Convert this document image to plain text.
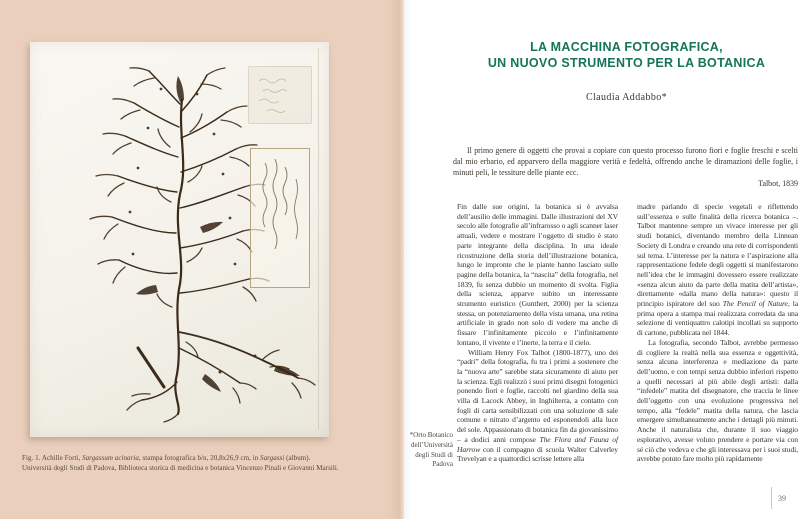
Fig. 1. Achille Forti, Sargassum acinaria, stampa fotografica b/n, 20,8x26,9 cm, in Sargassi (album).
Università degli Studi di Padova, Biblioteca storica di medicina e botanica Vincenzo Pinali e Giovanni Marsili.

LA MACCHINA FOTOGRAFICA,
UN NUOVO STRUMENTO PER LA BOTANICA
Claudia Addabbo*

Il primo genere di oggetti che provai a copiare con questo processo furono fiori e foglie freschi e scelti dal mio erbario, ed apparvero della maggiore verità e fedeltà, offrendo anche le diramazioni delle foglie, i minuti peli, le tessiture delle piante ecc.

Talbot, 1839
*Orto Botanico dell’Università degli Studi di Padova

Fin dalle sue origini, la botanica si è avvalsa dell’ausilio delle immagini. Dalle illustrazioni del XV secolo alle fotografie all’infrarosso o agli scanner laser attuali, vedere e mostrare l’oggetto di studio è stato parte integrante della disciplina. In una ideale ricostruzione della storia dell’illustrazione botanica, lungo le impronte che le piante hanno lasciato sulle pagine della botanica, la “nascita” della fotografia, nel 1839, fu senza dubbio un momento di svolta. Figlia della scienza, apparve subito un interessante strumento euristico (Gunthert, 2000) per la scienza stessa, un potenziamento della vista umana, una retina artificiale in grado non solo di vedere ma anche di fissare l’infinitamente piccolo e l’infinitamente lontano, il vivente e l’inerte, la terra e il cielo.

William Henry Fox Talbot (1800-1877), uno dei “padri” della fotografia, fu tra i primi a sostenere che la “nuova arte” sarebbe stata sicuramente di aiuto per la scienza. Egli realizzò i suoi primi disegni fotogenici ponendo fiori e foglie, raccolti nel giardino della sua villa di Lacock Abbey, in Inghilterra, a contatto con fogli di carta sensibilizzati con una soluzione di sale comune e nitrato d’argento ed esponendoli alla luce del sole. Appassionato di botanica fin da giovanissimo – a dodici anni compose The Flora and Fauna of Harrow con il compagno di scuola Walter Calverley Trevelyan e a quattordici scrisse lettere alla

madre parlando di specie vegetali e riflettendo sull’essenza e sulle finalità della ricerca botanica –. Talbot mantenne sempre un vivace interesse per gli studi botanici, diventando membro della Linnean Society di Londra e creando una rete di corrispondenti sul tema. L’interesse per la natura e l’aspirazione alla rappresentazione fedele degli oggetti si manifestarono nell’idea che le immagini dovessero essere realizzate «senza alcun aiuto da parte della matita dell’artista», direttamente «dalla mano della natura»: questo il principio ispiratore del suo The Pencil of Nature, la prima opera a stampa mai realizzata corredata da una selezione di ventiquattro calotipi incollati su supporto di cartone, pubblicata nel 1844.

La fotografia, secondo Talbot, avrebbe permesso di cogliere la realtà nella sua essenza e oggettività, senza alcuna interferenza e mediazione da parte dell’uomo, e con tempi senza dubbio inferiori rispetto a quelli necessari al più abile degli artisti: dalla “infedele” matita del disegnatore, che traccia le linee dell’oggetto con una evoluzione progressiva nel tempo, alla “fedele” matita della natura, che lascia emergere simultaneamente anche i dettagli più minuti. Anche il naturalista che, durante il suo viaggio esplorativo, avesse voluto prendere e portare via con sé ciò che vedeva e che gli interessava per i suoi studi, avrebbe potuto fare molto più rapidamente

39
